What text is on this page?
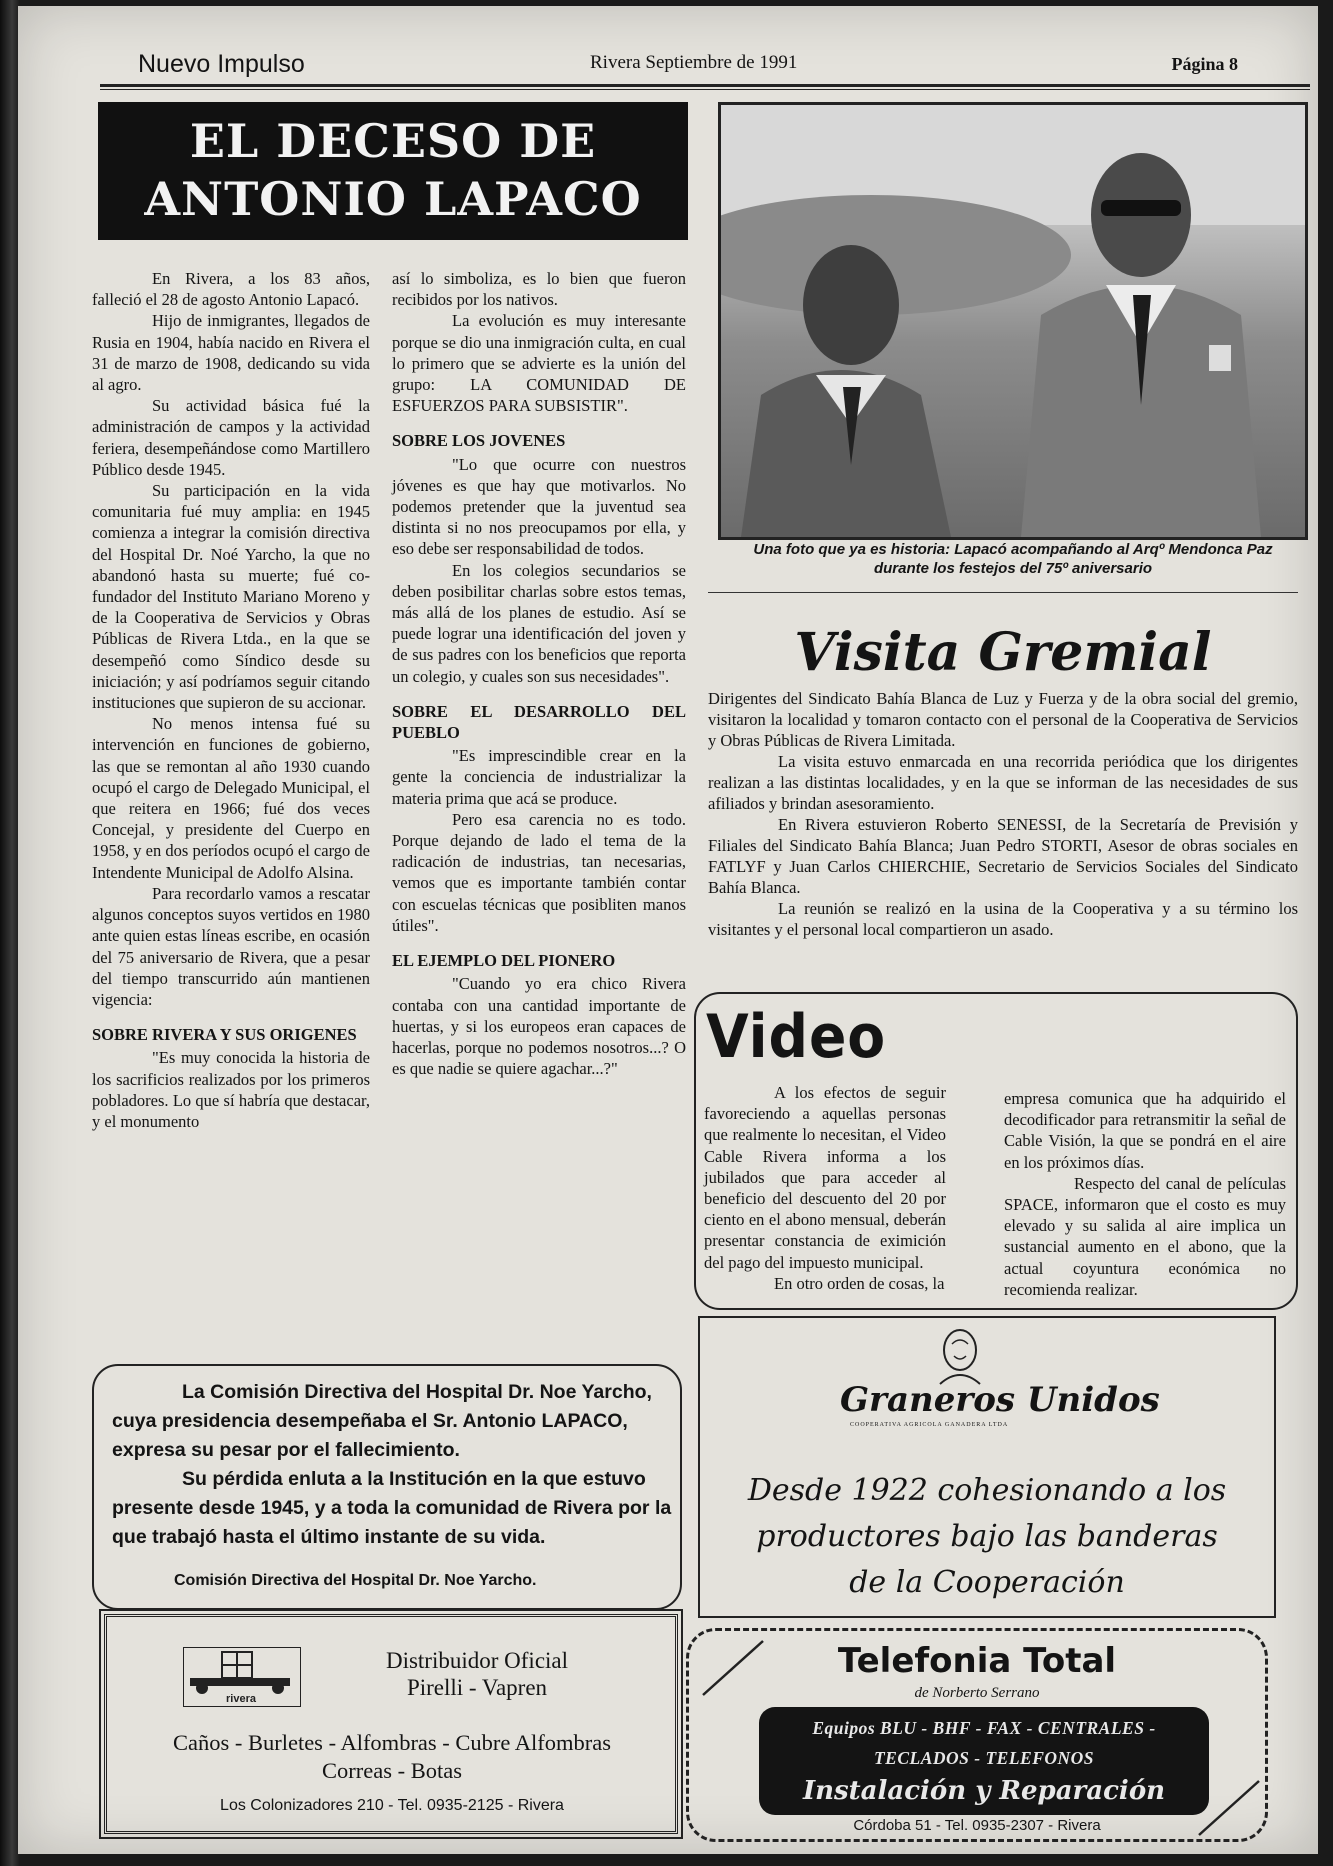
Nuevo Impulso	Rivera Septiembre de 1991	Página 8
EL DECESO DE
ANTONIO LAPACO

En Rivera, a los 83 años, falleció el 28 de agosto Antonio Lapacó.

Hijo de inmigrantes, llegados de Rusia en 1904, había nacido en Rivera el 31 de marzo de 1908, dedicando su vida al agro.

Su actividad básica fué la administración de campos y la actividad feriera, desempeñándose como Martillero Público desde 1945.

Su participación en la vida comunitaria fué muy amplia: en 1945 comienza a integrar la comisión directiva del Hospital Dr. Noé Yarcho, la que no abandonó hasta su muerte; fué co-fundador del Instituto Mariano Moreno y de la Cooperativa de Servicios y Obras Públicas de Rivera Ltda., en la que se desempeñó como Síndico desde su iniciación; y así podríamos seguir citando instituciones que supieron de su accionar.

No menos intensa fué su intervención en funciones de gobierno, las que se remontan al año 1930 cuando ocupó el cargo de Delegado Municipal, el que reitera en 1966; fué dos veces Concejal, y presidente del Cuerpo en 1958, y en dos períodos ocupó el cargo de Intendente Municipal de Adolfo Alsina.

Para recordarlo vamos a rescatar algunos conceptos suyos vertidos en 1980 ante quien estas líneas escribe, en ocasión del 75 aniversario de Rivera, que a pesar del tiempo transcurrido aún mantienen vigencia:

SOBRE RIVERA Y SUS ORIGENES

"Es muy conocida la historia de los sacrificios realizados por los primeros pobladores. Lo que sí habría que destacar, y el monumento

así lo simboliza, es lo bien que fueron recibidos por los nativos.

La evolución es muy interesante porque se dio una inmigración culta, en cual lo primero que se advierte es la unión del grupo: LA COMUNIDAD DE ESFUERZOS PARA SUBSISTIR".

SOBRE LOS JOVENES

"Lo que ocurre con nuestros jóvenes es que hay que motivarlos. No podemos pretender que la juventud sea distinta si no nos preocupamos por ella, y eso debe ser responsabilidad de todos.

En los colegios secundarios se deben posibilitar charlas sobre estos temas, más allá de los planes de estudio. Así se puede lograr una identificación del joven y de sus padres con los beneficios que reporta un colegio, y cuales son sus necesidades".

SOBRE EL DESARROLLO DEL PUEBLO

"Es imprescindible crear en la gente la conciencia de industrializar la materia prima que acá se produce.

Pero esa carencia no es todo. Porque dejando de lado el tema de la radicación de industrias, tan necesarias, vemos que es importante también contar con escuelas técnicas que posibliten manos útiles".

EL EJEMPLO DEL PIONERO

"Cuando yo era chico Rivera contaba con una cantidad importante de huertas, y si los europeos eran capaces de hacerlas, porque no podemos nosotros...? O es que nadie se quiere agachar...?"

Una foto que ya es historia: Lapacó acompañando al Arqº Mendonca Paz
durante los festejos del 75º aniversario
Visita Gremial

Dirigentes del Sindicato Bahía Blanca de Luz y Fuerza y de la obra social del gremio, visitaron la localidad y tomaron contacto con el personal de la Cooperativa de Servicios y Obras Públicas de Rivera Limitada.

La visita estuvo enmarcada en una recorrida periódica que los dirigentes realizan a las distintas localidades, y en la que se informan de las necesidades de sus afiliados y brindan asesoramiento.

En Rivera estuvieron Roberto SENESSI, de la Secretaría de Previsión y Filiales del Sindicato Bahía Blanca; Juan Pedro STORTI, Asesor de obras sociales en FATLYF y Juan Carlos CHIERCHIE, Secretario de Servicios Sociales del Sindicato Bahía Blanca.

La reunión se realizó en la usina de la Cooperativa y a su término los visitantes y el personal local compartieron un asado.

Video

A los efectos de seguir favoreciendo a aquellas personas que realmente lo necesitan, el Video Cable Rivera informa a los jubilados que para acceder al beneficio del descuento del 20 por ciento en el abono mensual, deberán presentar constancia de eximición del pago del impuesto municipal.

En otro orden de cosas, la

empresa comunica que ha adquirido el decodificador para retransmitir la señal de Cable Visión, la que se pondrá en el aire en los próximos días.

Respecto del canal de películas SPACE, informaron que el costo es muy elevado y su salida al aire implica un sustancial aumento en el abono, que la actual coyuntura económica no recomienda realizar.

La Comisión Directiva del Hospital Dr. Noe Yarcho, cuya presidencia desempeñaba el Sr. Antonio LAPACO, expresa su pesar por el fallecimiento.

Su pérdida enluta a la Institución en la que estuvo presente desde 1945, y a toda la comunidad de Rivera por la que trabajó hasta el último instante de su vida.

Comisión Directiva del Hospital Dr. Noe Yarcho.
Graneros Unidos
COOPERATIVA AGRICOLA GANADERA LTDA
Desde 1922 cohesionando a los
productores bajo las banderas
de la Cooperación
rivera
Distribuidor Oficial
Pirelli - Vapren
Caños - Burletes - Alfombras - Cubre Alfombras
Correas - Botas
Los Colonizadores 210 - Tel. 0935-2125 - Rivera
Telefonia Total
de Norberto Serrano
Equipos BLU - BHF - FAX - CENTRALES -
TECLADOS - TELEFONOS
Instalación y Reparación
Córdoba 51 - Tel. 0935-2307 - Rivera
